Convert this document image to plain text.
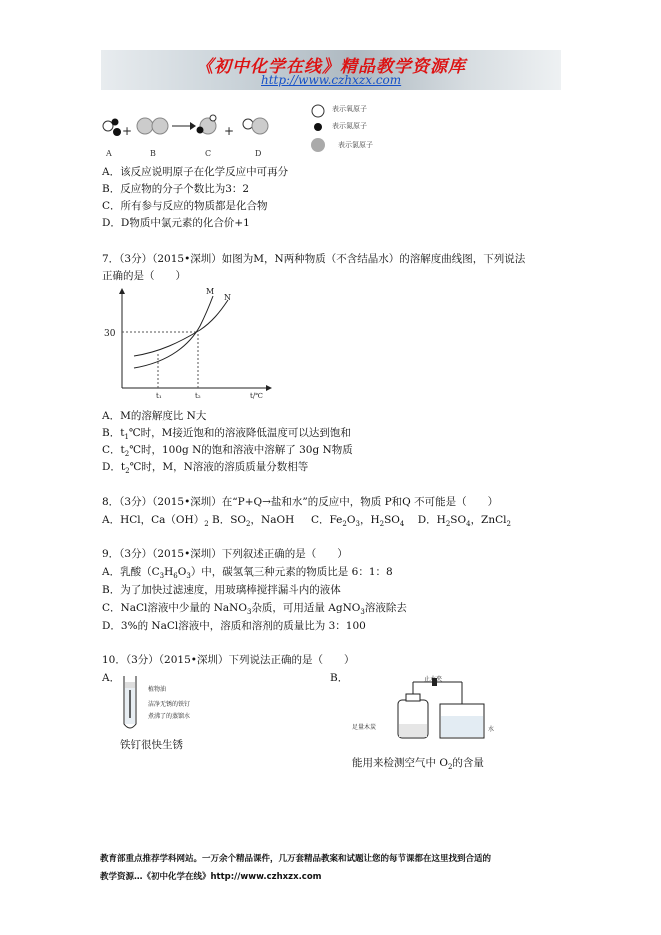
《初中化学在线》精品教学资源库
http://www.czhxzx.com
+	+
A	B	C	D
表示氧原子
表示氮原子
表示氯原子
A．该反应说明原子在化学反应中可再分
B．反应物的分子个数比为3：2
C．所有参与反应的物质都是化合物
D．D物质中氯元素的化合价+1
7．（3分）（2015•深圳）如图为M，N两种物质（不含结晶水）的溶解度曲线图，下列说法
正确的是（　　）
30
M
N
t₁	t₂	t/℃
A．M的溶解度比 N大
B．$t_1℃$时，M接近饱和的溶液降低温度可以达到饱和
C．$t_2℃$时，100g N的饱和溶液中溶解了 30g N物质
D．$t_2℃$时，M，N溶液的溶质质量分数相等
8．（3分）（2015•深圳）在“P+Q→盐和水”的反应中，物质 P和Q 不可能是（　　）
A．HCl，$Ca(OH)_2$ B．$SO_2$，NaOH C．$Fe_2O_3$，$H_2SO_4$ D．$H_2SO_4$，ZnCl$_2$
9．（3分）（2015•深圳）下列叙述正确的是（　　）
A．乳酸$(C_3H_6O_3)$中，碳氢氧三种元素的物质比是 6：1：8
B．为了加快过滤速度，用玻璃棒搅拌漏斗内的液体
C．NaCl溶液中少量的 NaNO$_3$杂质，可用适量 AgNO$_3$溶液除去
D．3%的 NaCl溶液中，溶质和溶剂的质量比为 3：100
10．（3分）（2015•深圳）下列说法正确的是（　　）
A．	B．
植物油
洁净无锈的铁钉
煮沸了的蒸馏水
铁钉很快生锈
止水夹
足量木炭	水
能用来检测空气中 $O_2$的含量
教育部重点推荐学科网站。一万余个精品课件，几万套精品教案和试题让您的每节课都在这里找到合适的
教学资源…《初中化学在线》http://www.czhxzx.com
